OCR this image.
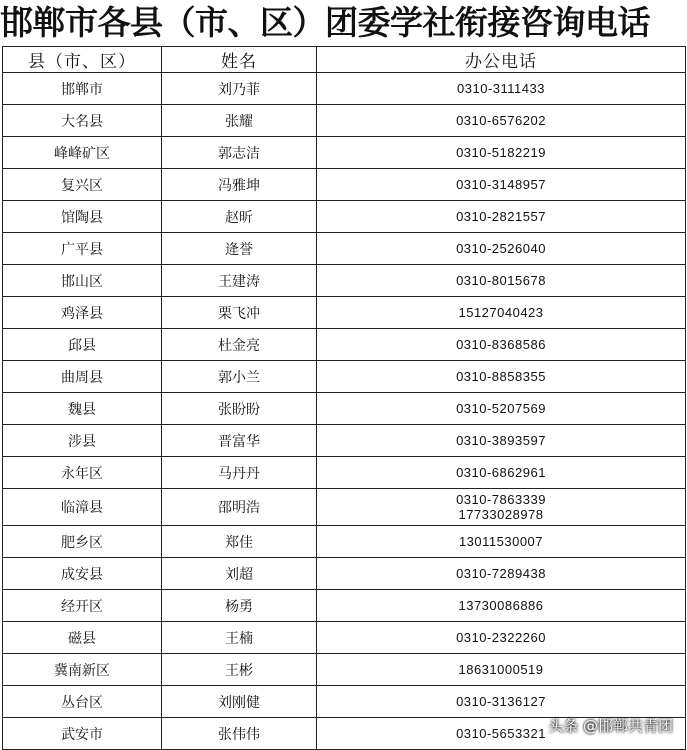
邯郸市各县（市、区）团委学社衔接咨询电话
县（市、区）	姓名	办公电话
邯郸市	刘乃菲	0310-3111433

大名县	张耀	0310-6576202

峰峰矿区	郭志洁	0310-5182219

复兴区	冯雅坤	0310-3148957

馆陶县	赵昕	0310-2821557

广平县	逄誉	0310-2526040

邯山区	王建涛	0310-8015678

鸡泽县	栗飞冲	15127040423

邱县	杜金亮	0310-8368586

曲周县	郭小兰	0310-8858355

魏县	张盼盼	0310-5207569

涉县	晋富华	0310-3893597

永年区	马丹丹	0310-6862961

临漳县	邵明浩	0310-7863339
17733028978

肥乡区	郑佳	13011530007

成安县	刘超	0310-7289438

经开区	杨勇	13730086886

磁县	王楠	0310-2322260

冀南新区	王彬	18631000519

丛台区	刘刚健	0310-3136127

武安市	张伟伟	0310-5653321 头条 @邯郸共青团
